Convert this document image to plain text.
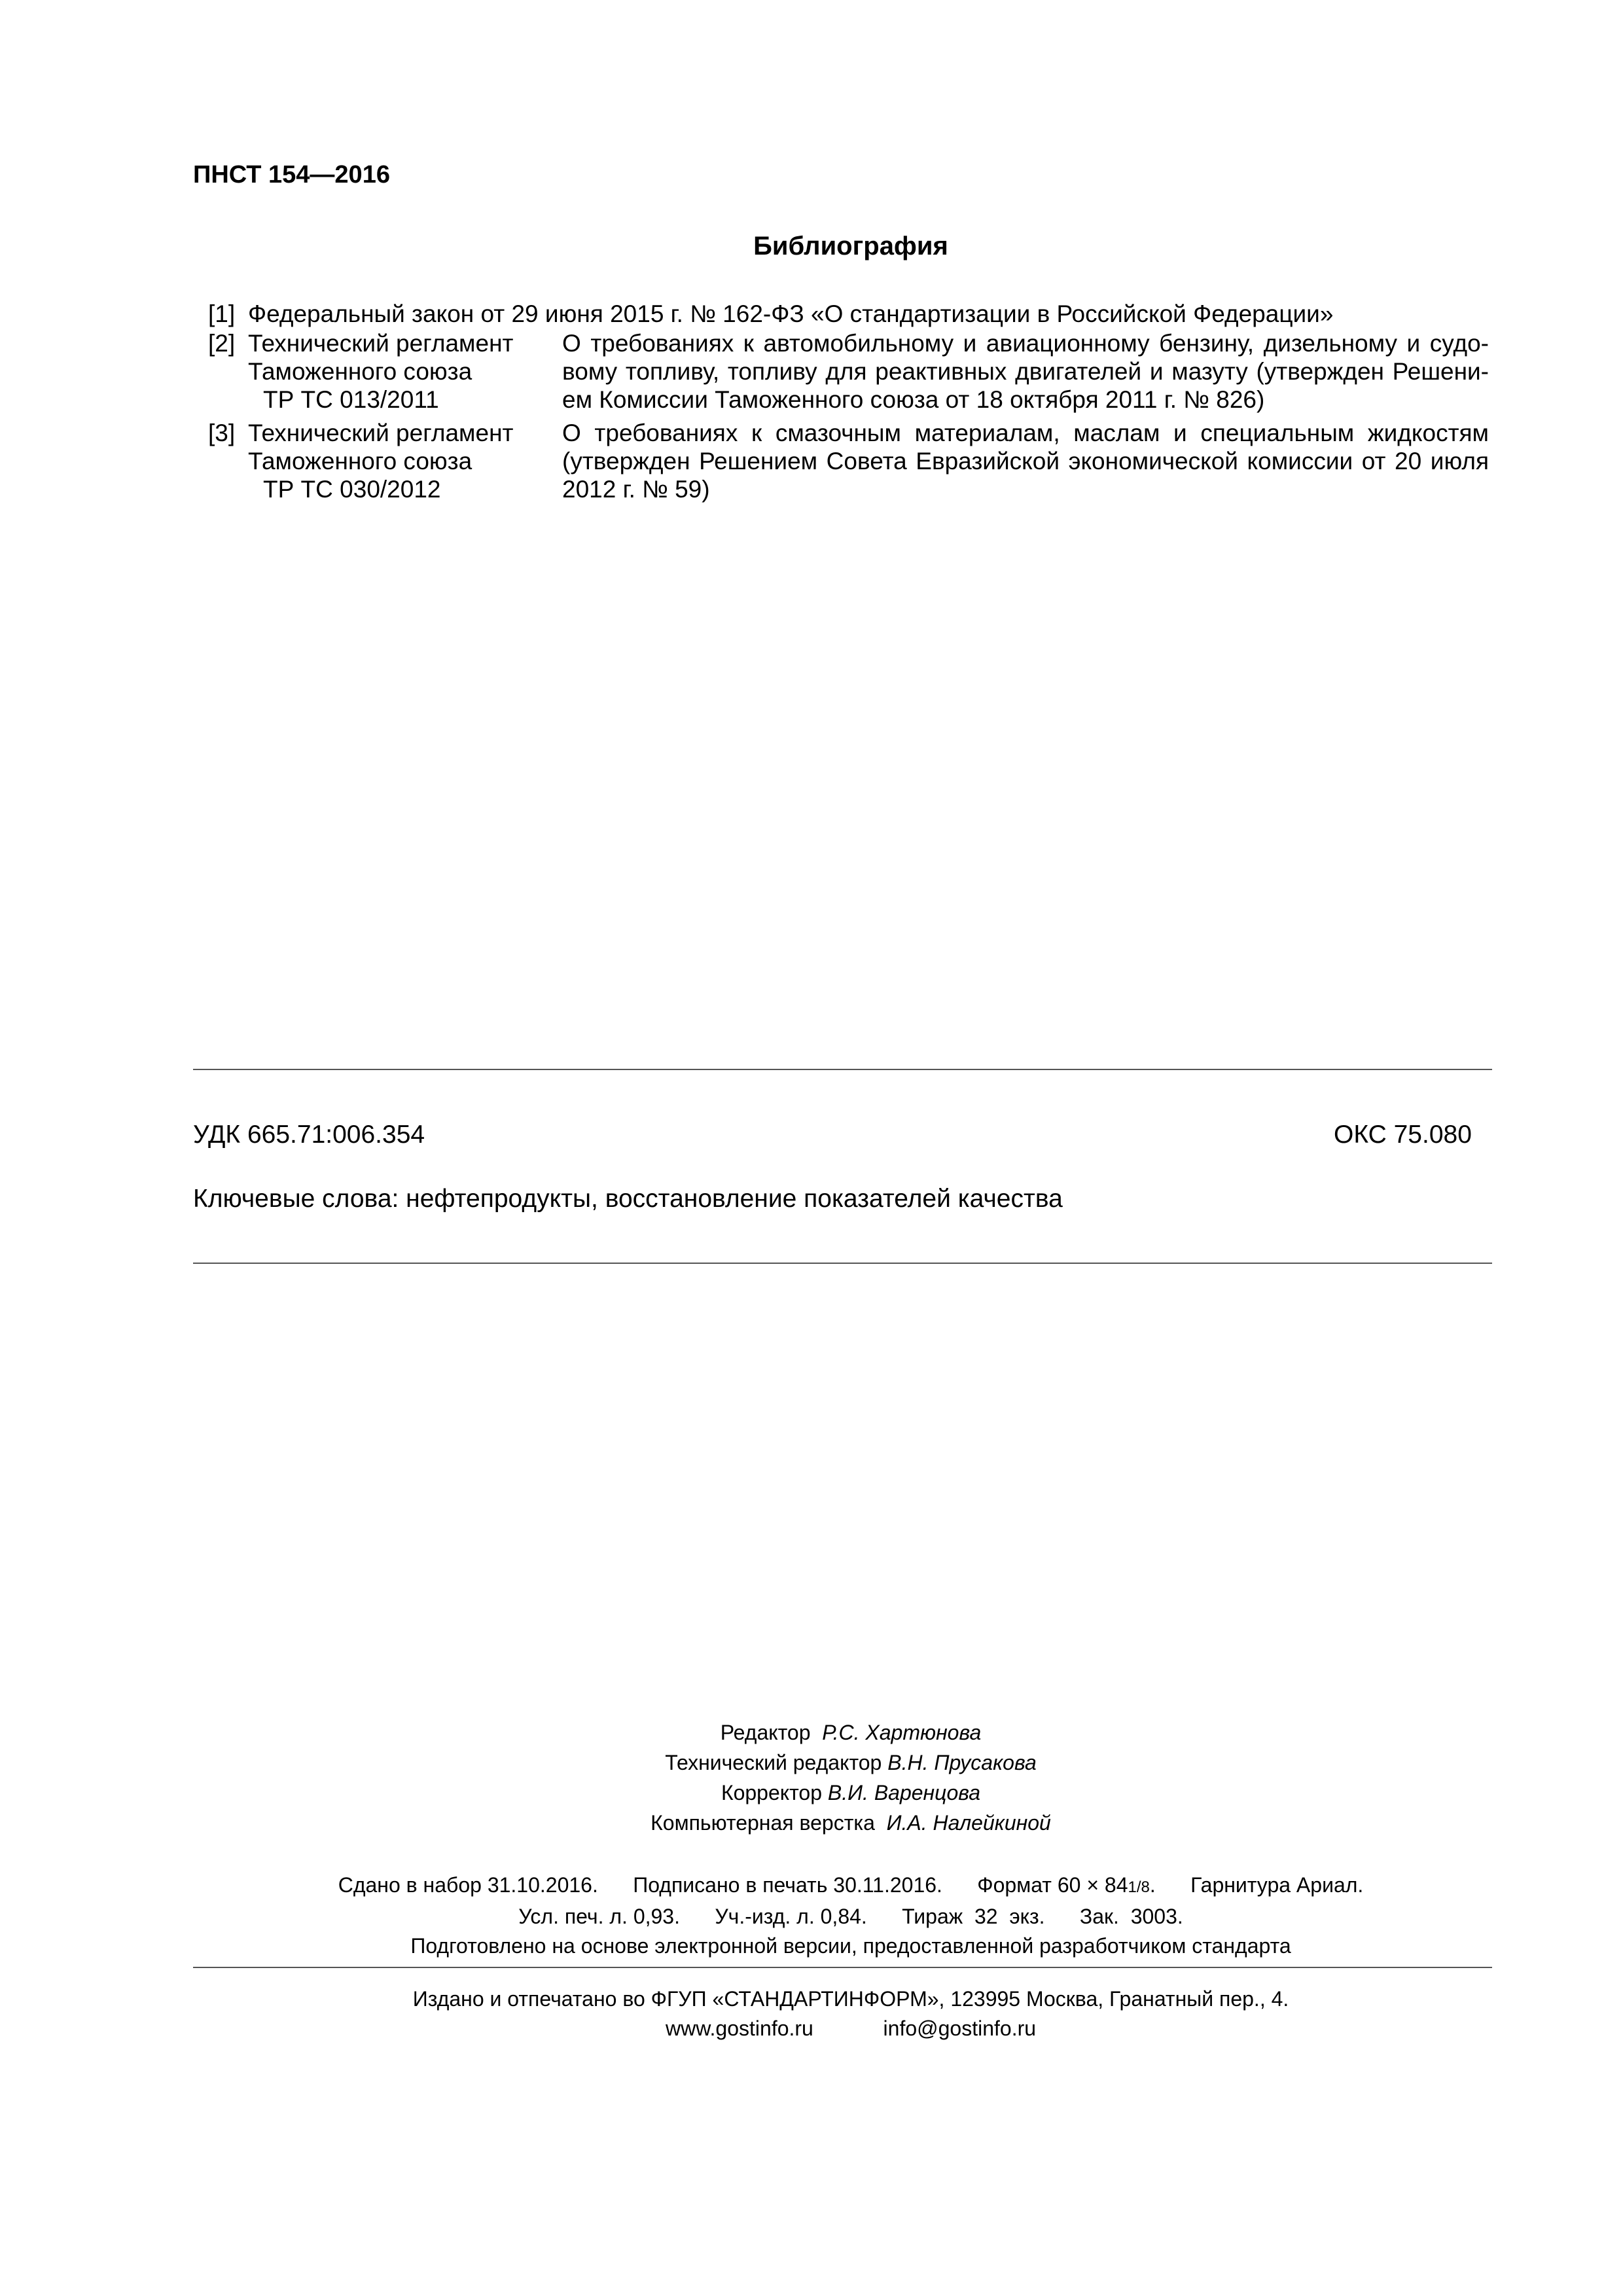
ПНСТ 154—2016
Библиография
[1] Федеральный закон от 29 июня 2015 г. № 162-ФЗ «О стандартизации в Российской Федерации»
[2] Технический регламент
Таможенного союза
ТР ТС 013/2011
О требованиях к автомобильному и авиационному бензину, дизельному и судо-
вому топливу, топливу для реактивных двигателей и мазуту (утвержден Решени-
ем Комиссии Таможенного союза от 18 октября 2011 г. № 826)
[3] Технический регламент
Таможенного союза
ТР ТС 030/2012
О требованиях к смазочным материалам, маслам и специальным жидкостям
(утвержден Решением Совета Евразийской экономической комиссии от 20 июля
2012 г. № 59)
УДК 665.71:006.354	ОКС 75.080
Ключевые слова: нефтепродукты, восстановление показателей качества
Редактор Р.С. Хартюнова
Технический редактор В.Н. Прусакова
Корректор В.И. Варенцова
Компьютерная верстка И.А. Налейкиной
Сдано в набор 31.10.2016. Подписано в печать 30.11.2016. Формат 60 × 841/8. Гарнитура Ариал.
Усл. печ. л. 0,93. Уч.-изд. л. 0,84. Тираж  32  экз. Зак.  3003.
Подготовлено на основе электронной версии, предоставленной разработчиком стандарта
Издано и отпечатано во ФГУП «СТАНДАРТИНФОРМ», 123995 Москва, Гранатный пер., 4.
www.gostinfo.ru	info@gostinfo.ru
